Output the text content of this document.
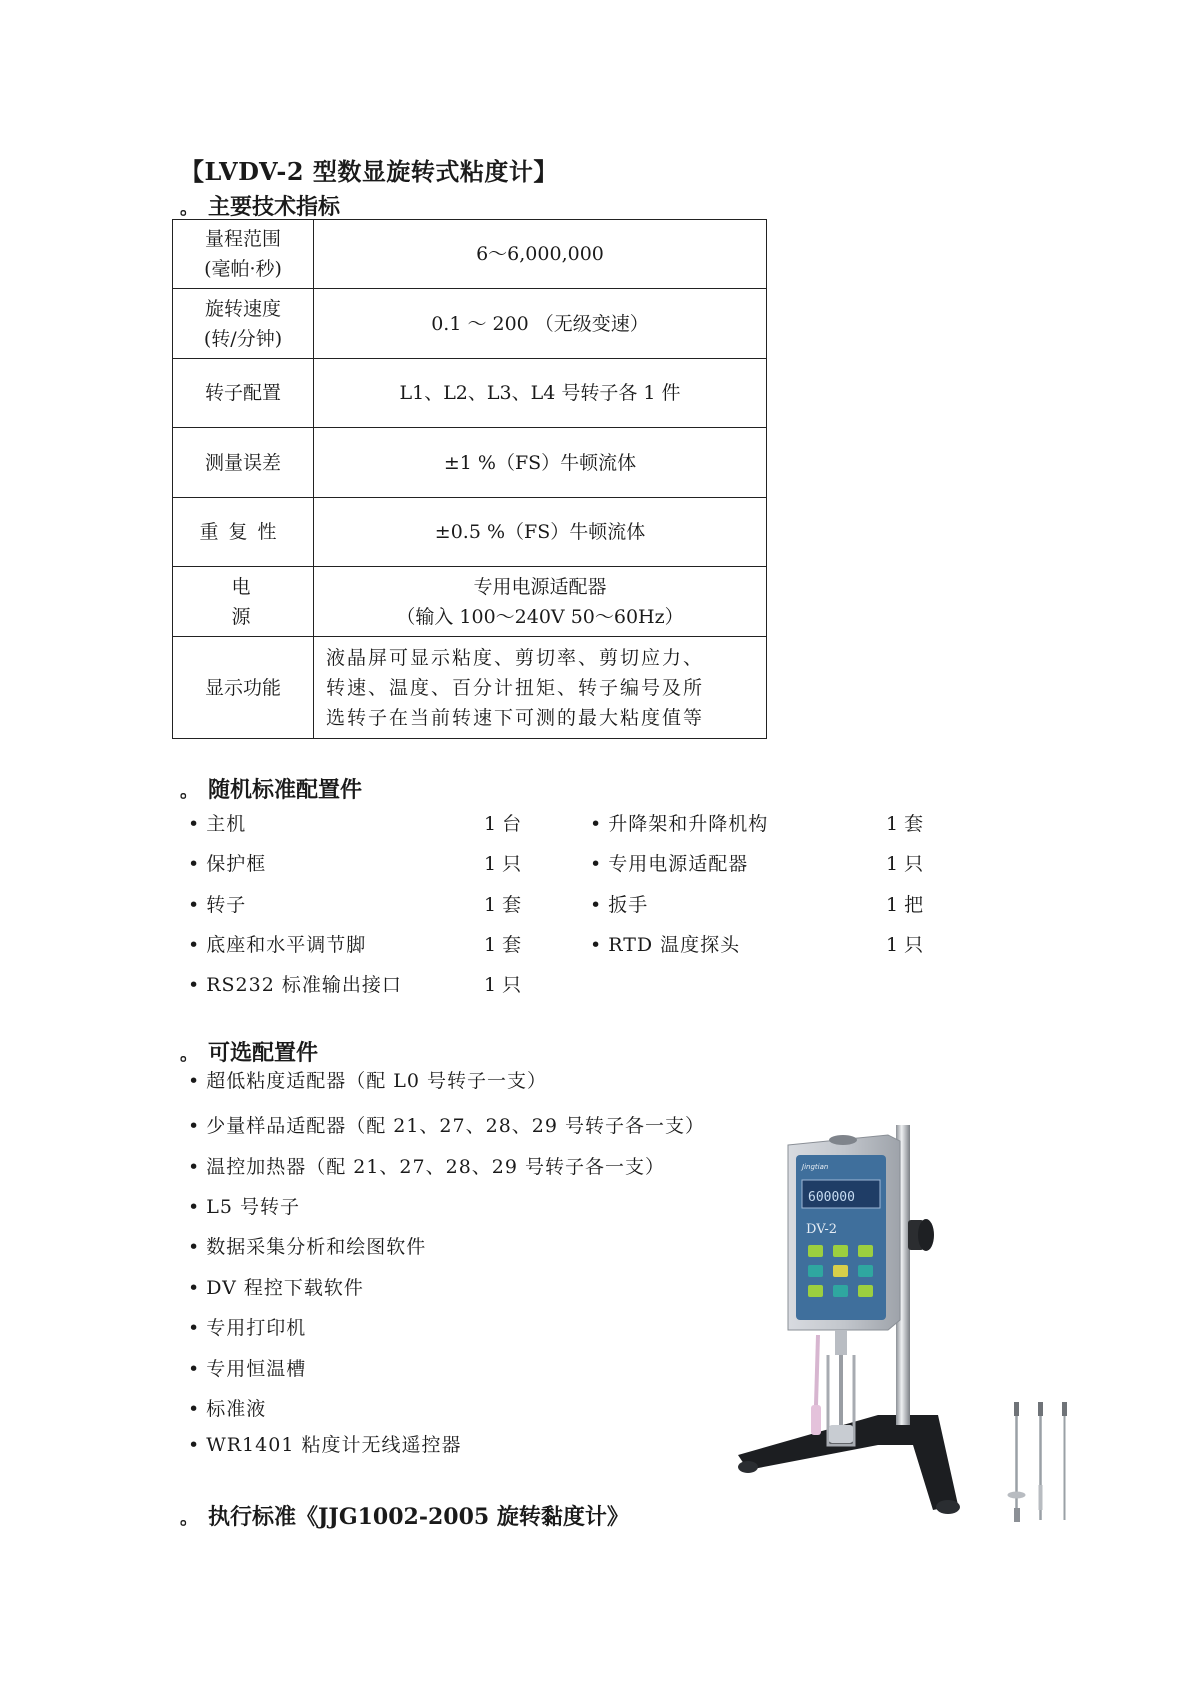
【LVDV-2 型数显旋转式粘度计】
。 主要技术指标
量程范围
(毫帕·秒)	6～6,000,000

旋转速度
(转/分钟)	0.1 ～ 200 （无级变速）

转子配置	L1、L2、L3、L4 号转子各 1 件

测量误差	±1 %（FS）牛顿流体

重复性	±0.5 %（FS）牛顿流体

电源	专用电源适配器
（输入 100～240V 50～60Hz）

显示功能	液晶屏可显示粘度、剪切率、剪切应力、
转速、温度、百分计扭矩、转子编号及所
选转子在当前转速下可测的最大粘度值等
。 随机标准配置件
• 主机	1 台
• 保护框	1 只
• 转子	1 套
• 底座和水平调节脚	1 套
• RS232 标准输出接口	1 只
• 升降架和升降机构	1 套
• 专用电源适配器	1 只
• 扳手	1 把
• RTD 温度探头	1 只
。 可选配置件
• 超低粘度适配器（配 L0 号转子一支）
• 少量样品适配器（配 21、27、28、29 号转子各一支）
• 温控加热器（配 21、27、28、29 号转子各一支）
• L5 号转子
• 数据采集分析和绘图软件
• DV 程控下载软件
• 专用打印机
• 专用恒温槽
• 标准液
• WR1401 粘度计无线遥控器
。 执行标准《JJG1002-2005 旋转黏度计》
Jingtian
600000
DV-2
